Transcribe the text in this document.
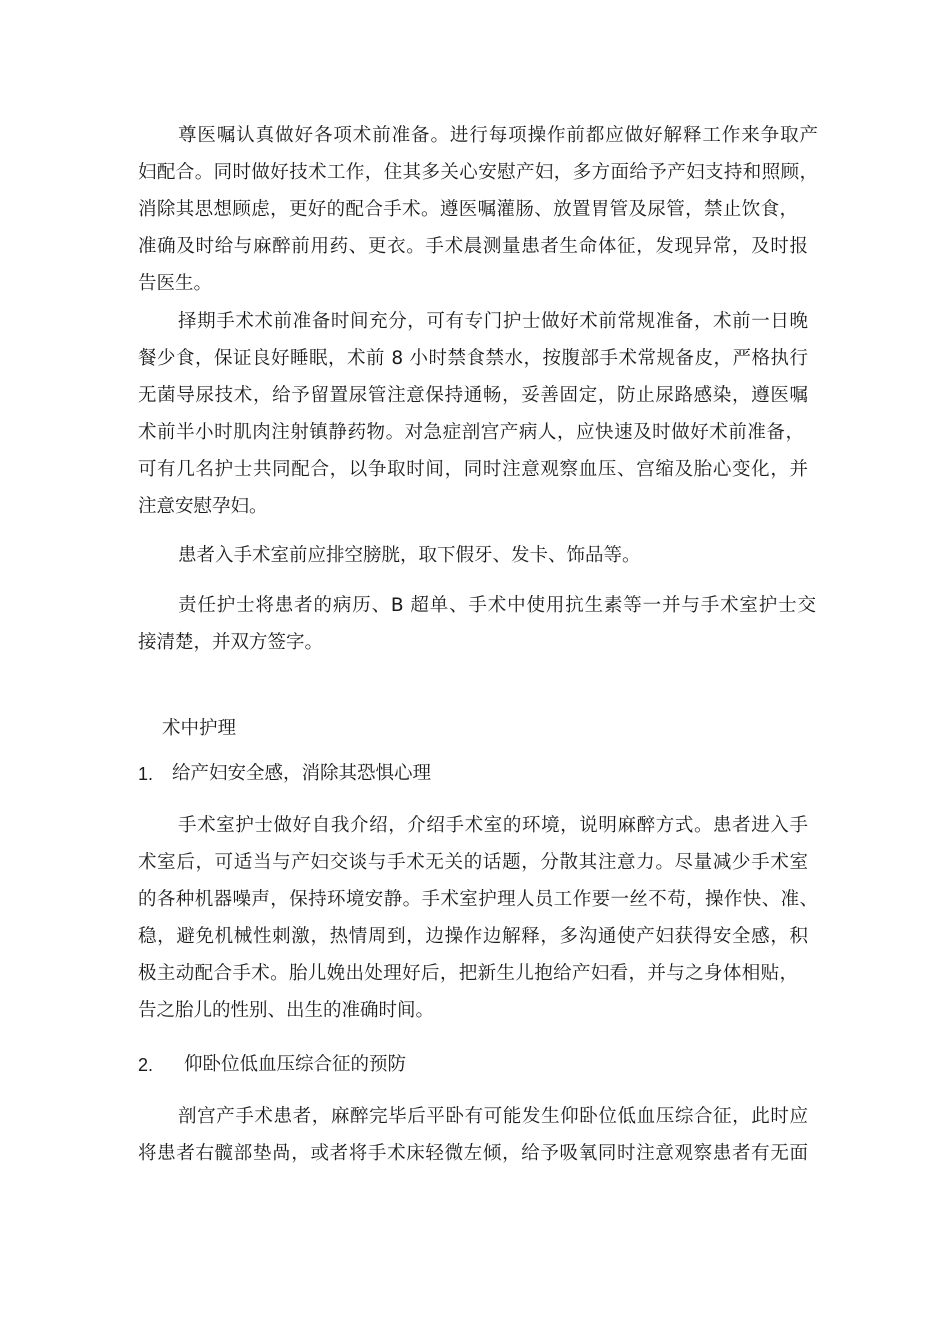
尊医嘱认真做好各项术前准备。进行每项操作前都应做好解释工作来争取产

妇配合。同时做好技术工作，住其多关心安慰产妇，多方面给予产妇支持和照顾，

消除其思想顾虑，更好的配合手术。遵医嘱灌肠、放置胃管及尿管，禁止饮食，

准确及时给与麻醉前用药、更衣。手术晨测量患者生命体征，发现异常，及时报

告医生。

择期手术术前准备时间充分，可有专门护士做好术前常规准备，术前一日晚

餐少食，保证良好睡眠，术前 8 小时禁食禁水，按腹部手术常规备皮，严格执行

无菌导尿技术，给予留置尿管注意保持通畅，妥善固定，防止尿路感染，遵医嘱

术前半小时肌肉注射镇静药物。对急症剖宫产病人，应快速及时做好术前准备，

可有几名护士共同配合，以争取时间，同时注意观察血压、宫缩及胎心变化，并

注意安慰孕妇。

患者入手术室前应排空膀胱，取下假牙、发卡、饰品等。

责任护士将患者的病历、B 超单、手术中使用抗生素等一并与手术室护士交

接清楚，并双方签字。

术中护理

1. 给产妇安全感，消除其恐惧心理

手术室护士做好自我介绍，介绍手术室的环境，说明麻醉方式。患者进入手

术室后，可适当与产妇交谈与手术无关的话题，分散其注意力。尽量减少手术室

的各种机器噪声，保持环境安静。手术室护理人员工作要一丝不苟，操作快、准、

稳，避免机械性刺激，热情周到，边操作边解释，多沟通使产妇获得安全感，积

极主动配合手术。胎儿娩出处理好后，把新生儿抱给产妇看，并与之身体相贴，

告之胎儿的性别、出生的准确时间。

2. 仰卧位低血压综合征的预防

剖宫产手术患者，麻醉完毕后平卧有可能发生仰卧位低血压综合征，此时应

将患者右髋部垫咼，或者将手术床轻微左倾，给予吸氧同时注意观察患者有无面
